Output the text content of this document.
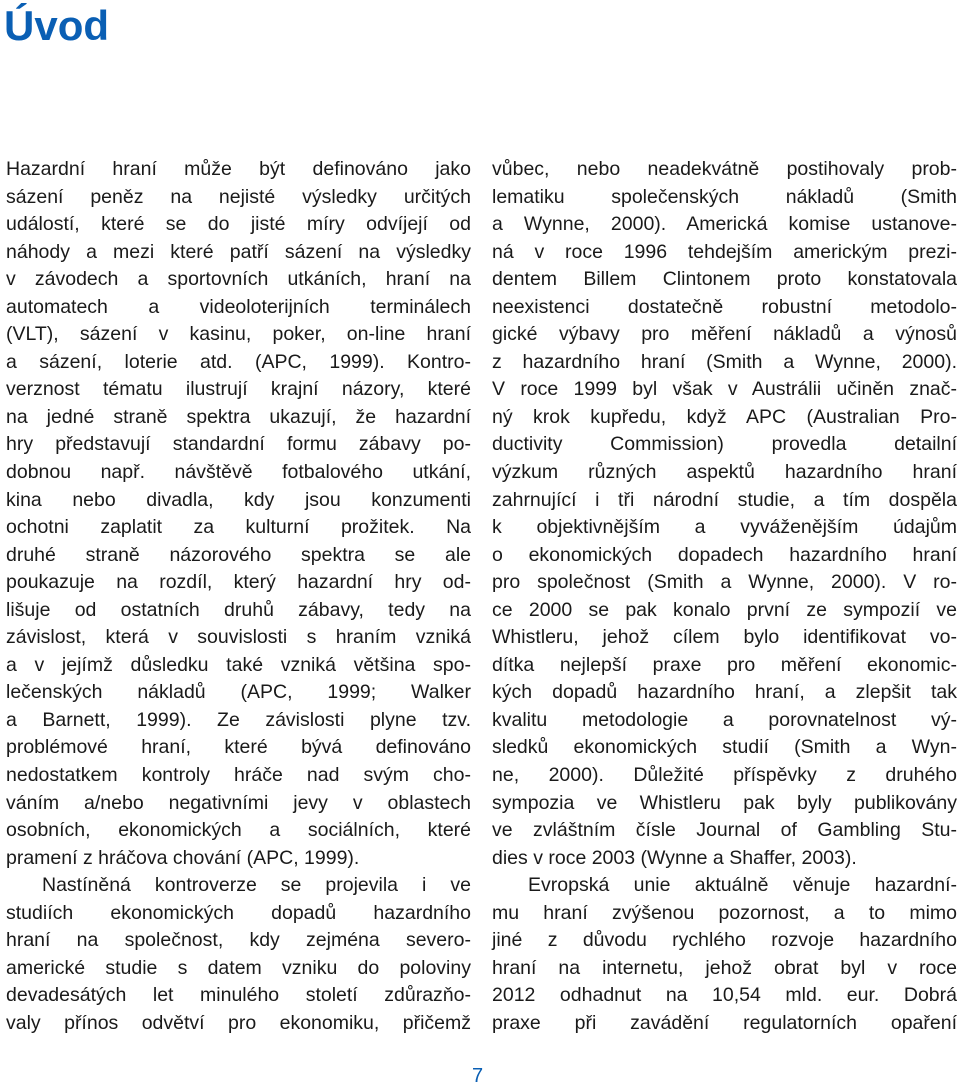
Úvod
Hazardní hraní může být definováno jako
sázení peněz na nejisté výsledky určitých
událostí, které se do jisté míry odvíjejí od
náhody a mezi které patří sázení na výsledky
v závodech a sportovních utkáních, hraní na
automatech a videoloterijních terminálech
(VLT), sázení v kasinu, poker, on-line hraní
a sázení, loterie atd. (APC, 1999). Kontro-
verznost tématu ilustrují krajní názory, které
na jedné straně spektra ukazují, že hazardní
hry představují standardní formu zábavy po-
dobnou např. návštěvě fotbalového utkání,
kina nebo divadla, kdy jsou konzumenti
ochotni zaplatit za kulturní prožitek. Na
druhé straně názorového spektra se ale
poukazuje na rozdíl, který hazardní hry od-
lišuje od ostatních druhů zábavy, tedy na
závislost, která v souvislosti s hraním vzniká
a v jejímž důsledku také vzniká většina spo-
lečenských nákladů (APC, 1999; Walker
a Barnett, 1999). Ze závislosti plyne tzv.
problémové hraní, které bývá definováno
nedostatkem kontroly hráče nad svým cho-
váním a/nebo negativními jevy v oblastech
osobních, ekonomických a sociálních, které
pramení z hráčova chování (APC, 1999).
Nastíněná kontroverze se projevila i ve
studiích ekonomických dopadů hazardního
hraní na společnost, kdy zejména severo-
americké studie s datem vzniku do poloviny
devadesátých let minulého století zdůrazňo-
valy přínos odvětví pro ekonomiku, přičemž
vůbec, nebo neadekvátně postihovaly prob-
lematiku společenských nákladů (Smith
a Wynne, 2000). Americká komise ustanove-
ná v roce 1996 tehdejším americkým prezi-
dentem Billem Clintonem proto konstatovala
neexistenci dostatečně robustní metodolo-
gické výbavy pro měření nákladů a výnosů
z hazardního hraní (Smith a Wynne, 2000).
V roce 1999 byl však v Austrálii učiněn znač-
ný krok kupředu, když APC (Australian Pro-
ductivity Commission) provedla detailní
výzkum různých aspektů hazardního hraní
zahrnující i tři národní studie, a tím dospěla
k objektivnějším a vyváženějším údajům
o ekonomických dopadech hazardního hraní
pro společnost (Smith a Wynne, 2000). V ro-
ce 2000 se pak konalo první ze sympozií ve
Whistleru, jehož cílem bylo identifikovat vo-
dítka nejlepší praxe pro měření ekonomic-
kých dopadů hazardního hraní, a zlepšit tak
kvalitu metodologie a porovnatelnost vý-
sledků ekonomických studií (Smith a Wyn-
ne, 2000). Důležité příspěvky z druhého
sympozia ve Whistleru pak byly publikovány
ve zvláštním čísle Journal of Gambling Stu-
dies v roce 2003 (Wynne a Shaffer, 2003).
Evropská unie aktuálně věnuje hazardní-
mu hraní zvýšenou pozornost, a to mimo
jiné z důvodu rychlého rozvoje hazardního
hraní na internetu, jehož obrat byl v roce
2012 odhadnut na 10,54 mld. eur. Dobrá
praxe při zavádění regulatorních opaření
7
